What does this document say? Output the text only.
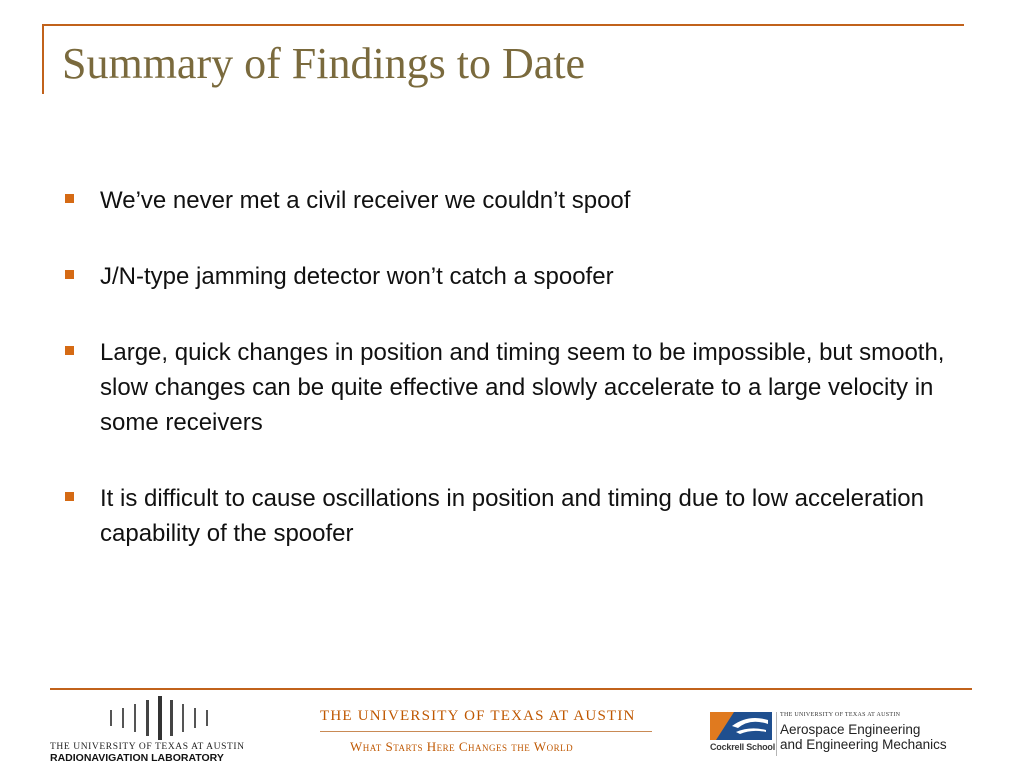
Summary of Findings to Date
We’ve never met a civil receiver we couldn’t spoof
J/N-type jamming detector won’t catch a spoofer
Large, quick changes in position and timing seem to be impossible, but smooth, slow changes can be quite effective and slowly accelerate to a large velocity in some receivers
It is difficult to cause oscillations in position and timing due to low acceleration capability of the spoofer
THE UNIVERSITY OF TEXAS AT AUSTIN
RADIONAVIGATION LABORATORY
THE UNIVERSITY OF TEXAS AT AUSTIN
What Starts Here Changes the World	Cockrell School
THE UNIVERSITY OF TEXAS AT AUSTIN
Aerospace Engineering
and Engineering Mechanics
